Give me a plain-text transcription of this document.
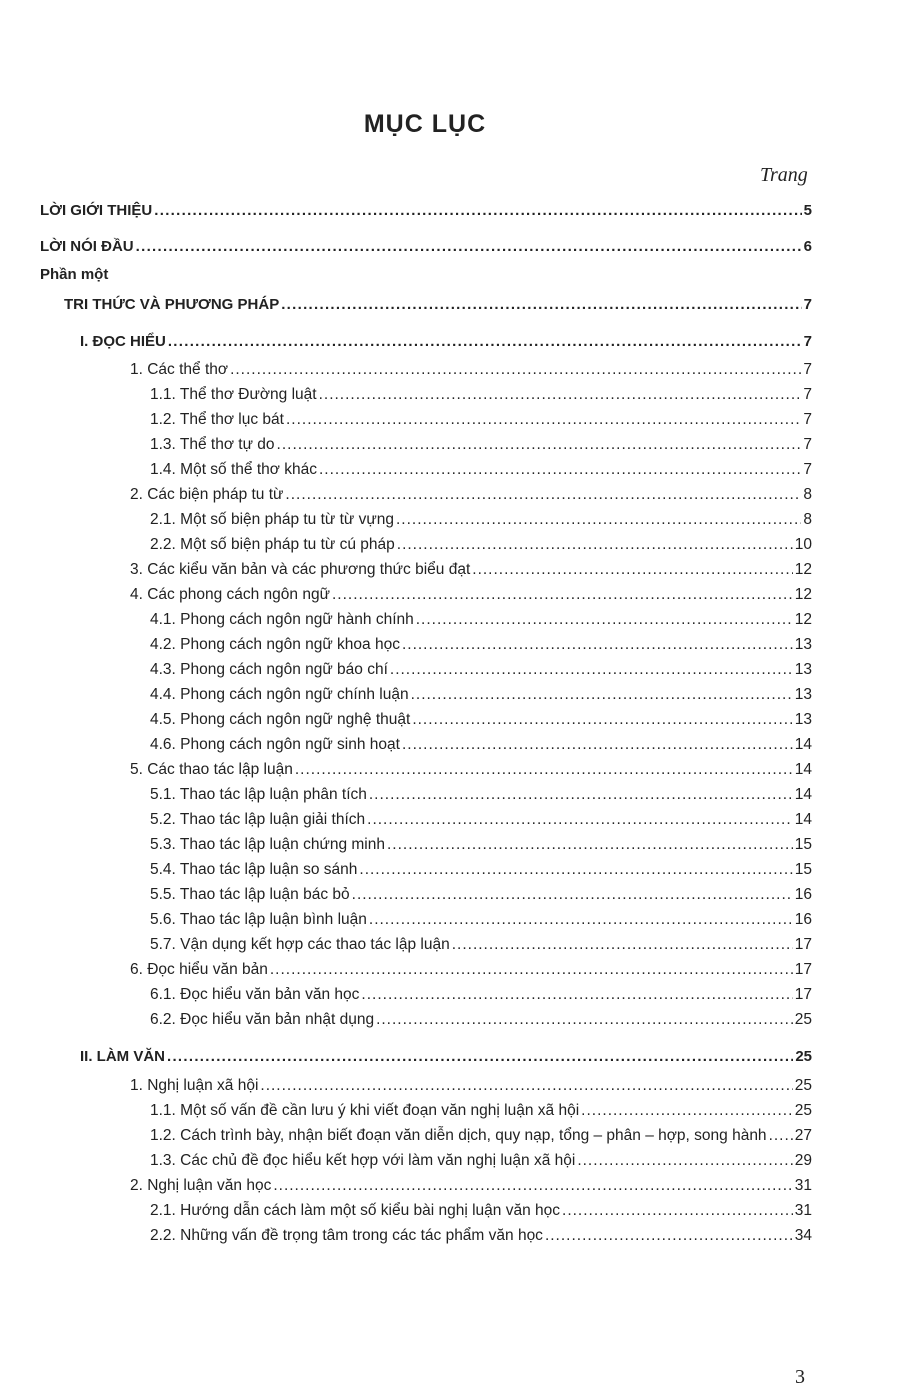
MỤC LỤC
Trang
Phần một
LỜI GIỚI THIỆU .....	5
LỜI NÓI ĐẦU .....	6
TRI THỨC VÀ PHƯƠNG PHÁP .....	7
I. ĐỌC HIỂU .....	7
1. Các thể thơ .....	7
1.1. Thể thơ Đường luật .....	7
1.2. Thể thơ lục bát .....	7
1.3. Thể thơ tự do .....	7
1.4. Một số thể thơ khác .....	7
2. Các biện pháp tu từ .....	8
2.1. Một số biện pháp tu từ từ vựng .....	8
2.2. Một số biện pháp tu từ cú pháp .....	10
3. Các kiểu văn bản và các phương thức biểu đạt .....	12
4. Các phong cách ngôn ngữ .....	12
4.1. Phong cách ngôn ngữ hành chính .....	12
4.2. Phong cách ngôn ngữ khoa học .....	13
4.3. Phong cách ngôn ngữ báo chí .....	13
4.4. Phong cách ngôn ngữ chính luận .....	13
4.5. Phong cách ngôn ngữ nghệ thuật .....	13
4.6. Phong cách ngôn ngữ sinh hoạt .....	14
5. Các thao tác lập luận .....	14
5.1. Thao tác lập luận phân tích .....	14
5.2. Thao tác lập luận giải thích .....	14
5.3. Thao tác lập luận chứng minh .....	15
5.4. Thao tác lập luận so sánh .....	15
5.5. Thao tác lập luận bác bỏ .....	16
5.6. Thao tác lập luận bình luận .....	16
5.7. Vận dụng kết hợp các thao tác lập luận .....	17
6. Đọc hiểu văn bản .....	17
6.1. Đọc hiểu văn bản văn học .....	17
6.2. Đọc hiểu văn bản nhật dụng .....	25
II. LÀM VĂN .....	25
1. Nghị luận xã hội .....	25
1.1. Một số vấn đề cần lưu ý khi viết đoạn văn nghị luận xã hội .....	25
1.2. Cách trình bày, nhận biết đoạn văn diễn dịch, quy nạp, tổng – phân – hợp, song hành ..... 27
1.3. Các chủ đề đọc hiểu kết hợp với làm văn nghị luận xã hội .....	29
2. Nghị luận văn học .....	31
2.1. Hướng dẫn cách làm một số kiểu bài nghị luận văn học .....	31
2.2. Những vấn đề trọng tâm trong các tác phẩm văn học .....	34
3
